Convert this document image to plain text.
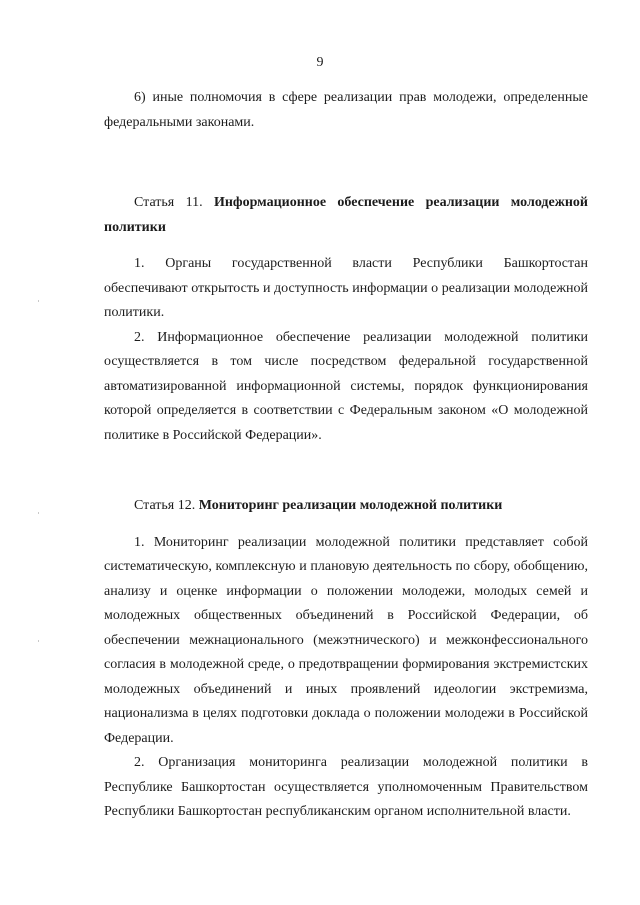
9

6) иные полномочия в сфере реализации прав молодежи, определенные федеральными законами.

Статья 11. Информационное обеспечение реализации молодежной политики

1. Органы государственной власти Республики Башкортостан обеспечивают открытость и доступность информации о реализации молодежной политики.

2. Информационное обеспечение реализации молодежной политики осуществляется в том числе посредством федеральной государственной автоматизированной информационной системы, порядок функционирования которой определяется в соответствии с Федеральным законом «О молодежной политике в Российской Федерации».

Статья 12. Мониторинг реализации молодежной политики

1. Мониторинг реализации молодежной политики представляет собой систематическую, комплексную и плановую деятельность по сбору, обобщению, анализу и оценке информации о положении молодежи, молодых семей и молодежных общественных объединений в Российской Федерации, об обеспечении межнационального (межэтнического) и межконфессионального согласия в молодежной среде, о предотвращении формирования экстремистских молодежных объединений и иных проявлений идеологии экстремизма, национализма в целях подготовки доклада о положении молодежи в Российской Федерации.

2. Организация мониторинга реализации молодежной политики в Республике Башкортостан осуществляется уполномоченным Правительством Республики Башкортостан республиканским органом исполнительной власти.
